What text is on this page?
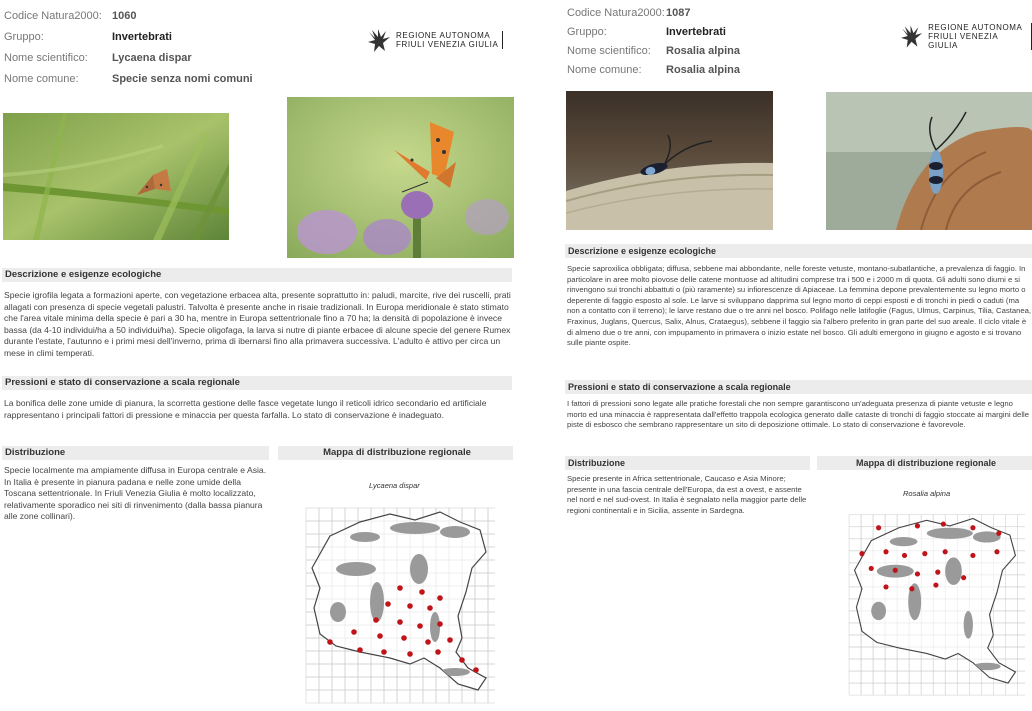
Codice Natura2000: 1060
Gruppo:	Invertebrati
Nome scientifico:	Lycaena dispar
Nome comune:	Specie senza nomi comuni
REGIONE AUTONOMA
FRIULI VENEZIA GIULIA
Descrizione e esigenze ecologiche

Specie igrofila legata a formazioni aperte, con vegetazione erbacea alta, presente soprattutto in: paludi, marcite, rive dei ruscelli, prati allagati con presenza di specie vegetali palustri. Talvolta è presente anche in risaie tradizionali. In Europa meridionale è stato stimato che l'area vitale minima della specie è pari a 30 ha, mentre in Europa settentrionale fino a 70 ha; la densità di popolazione è invece bassa (da 4-10 individui/ha a 50 individui/ha). Specie oligofaga, la larva si nutre di piante erbacee di alcune specie del genere Rumex durante l'estate, l'autunno e i primi mesi dell'inverno, prima di ibernarsi fino alla primavera successiva. L'adulto è attivo per circa un mese in climi temperati.

Pressioni e stato di conservazione a scala regionale

La bonifica delle zone umide di pianura, la scorretta gestione delle fasce vegetate lungo il reticoli idrico secondario ed artificiale rappresentano i principali fattori di pressione e minaccia per questa farfalla. Lo stato di conservazione è inadeguato.

Distribuzione

Specie localmente ma ampiamente diffusa in Europa centrale e Asia. In Italia è presente in pianura padana e nelle zone umide della Toscana settentrionale. In Friuli Venezia Giulia è molto localizzato, relativamente sporadico nei siti di rinvenimento (dalla bassa pianura alle zone collinari).

Mappa di distribuzione regionale
Lycaena dispar
Codice Natura2000: 1087
Gruppo:	Invertebrati
Nome scientifico:	Rosalia alpina
Nome comune:	Rosalia alpina
REGIONE AUTONOMA
FRIULI VENEZIA GIULIA
Descrizione e esigenze ecologiche

Specie saproxilica obbligata; diffusa, sebbene mai abbondante, nelle foreste vetuste, montano-subatlantiche, a prevalenza di faggio. In particolare in aree molto piovose delle catene montuose ad altitudini comprese tra i 500 e i 2000 m di quota. Gli adulti sono diurni e si rinvengono sui tronchi abbattuti o (più raramente) su infiorescenze di Apiaceae. La femmina depone prevalentemente su legno morto o deperente di faggio esposto al sole. Le larve si sviluppano dapprima sul legno morto di ceppi esposti e di tronchi in piedi o caduti (ma non a contatto con il terreno); le larve restano due o tre anni nel bosco. Polifago nelle latifoglie (Fagus, Ulmus, Carpinus, Tilia, Castanea, Fraxinus, Juglans, Quercus, Salix, Alnus, Crataegus), sebbene il faggio sia l'albero preferito in gran parte del suo areale. Il ciclo vitale è di almeno due o tre anni, con impupamento in primavera o inizio estate nel bosco. Gli adulti emergono in giugno e agosto e si trovano sulle piante ospite.

Pressioni e stato di conservazione a scala regionale

I fattori di pressioni sono legate alle pratiche forestali che non sempre garantiscono un'adeguata presenza di piante vetuste e legno morto ed una minaccia è rappresentata dall'effetto trappola ecologica generato dalle cataste di tronchi di faggio stoccate ai margini delle piste di esbosco che sembrano rappresentare un sito di deposizione ottimale. Lo stato di conservazione è favorevole.

Distribuzione

Specie presente in Africa settentrionale, Caucaso e Asia Minore; presente in una fascia centrale dell'Europa, da est a ovest, e assente nel nord e nel sud-ovest. In Italia è segnalato nella maggior parte delle regioni continentali e in Sicilia, assente in Sardegna.

Mappa di distribuzione regionale
Rosalia alpina
